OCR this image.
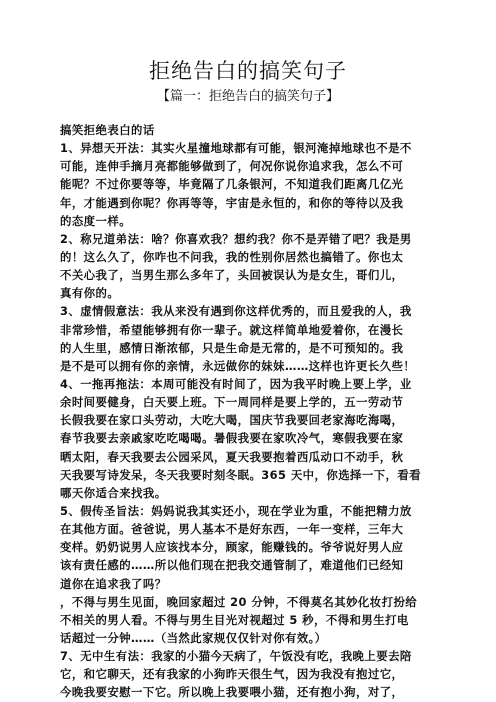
拒绝告白的搞笑句子
【篇一：拒绝告白的搞笑句子】
搞笑拒绝表白的话
1、异想天开法：其实火星撞地球都有可能，银河淹掉地球也不是不
可能，连伸手摘月亮都能够做到了，何况你说你追求我，怎么不可
能呢？不过你要等等，毕竟隔了几条银河，不知道我们距离几亿光
年，才能遇到你呢？你再等等，宇宙是永恒的，和你的等待以及我
的态度一样。
2、称兄道弟法：啥？你喜欢我？想约我？你不是弄错了吧？我是男
的！这么久了，你咋也不问我，我的性别你居然也搞错了。你也太
不关心我了，当男生那么多年了，头回被误认为是女生，哥们儿，
真有你的。
3、虚情假意法：我从来没有遇到你这样优秀的，而且爱我的人，我
非常珍惜，希望能够拥有你一辈子。就这样简单地爱着你，在漫长
的人生里，感情日渐浓郁，只是生命是无常的，是不可预知的。我
是不是可以拥有你的亲情，永远做你的妹妹……这样也许更长久些！
4、一拖再拖法：本周可能没有时间了，因为我平时晚上要上学，业
余时间要健身，白天要上班。下一周同样是要上学的，五一劳动节
长假我要在家口头劳动，大吃大喝，国庆节我要回老家海吃海喝，
春节我要去亲戚家吃吃喝喝。暑假我要在家吹冷气，寒假我要在家
晒太阳，春天我要去公园采风，夏天我要抱着西瓜动口不动手，秋
天我要写诗发呆，冬天我要时刻冬眠。365 天中，你选择一下，看看
哪天你适合来找我。
5、假传圣旨法：妈妈说我其实还小，现在学业为重，不能把精力放
在其他方面。爸爸说，男人基本不是好东西，一年一变样，三年大
变样。奶奶说男人应该找本分，顾家，能赚钱的。爷爷说好男人应
该有责任感的……所以他们现在把我交通管制了，难道他们已经知
道你在追求我了吗？
，不得与男生见面，晚回家超过 20 分钟，不得莫名其妙化妆打扮给
不相关的男人看。不得与男生目光对视超过 5 秒，不得和男生打电
话超过一分钟……（当然此家规仅仅针对你有效。）
7、无中生有法：我家的小猫今天病了，午饭没有吃，我晚上要去陪
它，和它聊天，还有我家的小狗昨天很生气，因为我没有抱过它，
今晚我要安慰一下它。所以晚上我要喂小猫，还有抱小狗，对了，
